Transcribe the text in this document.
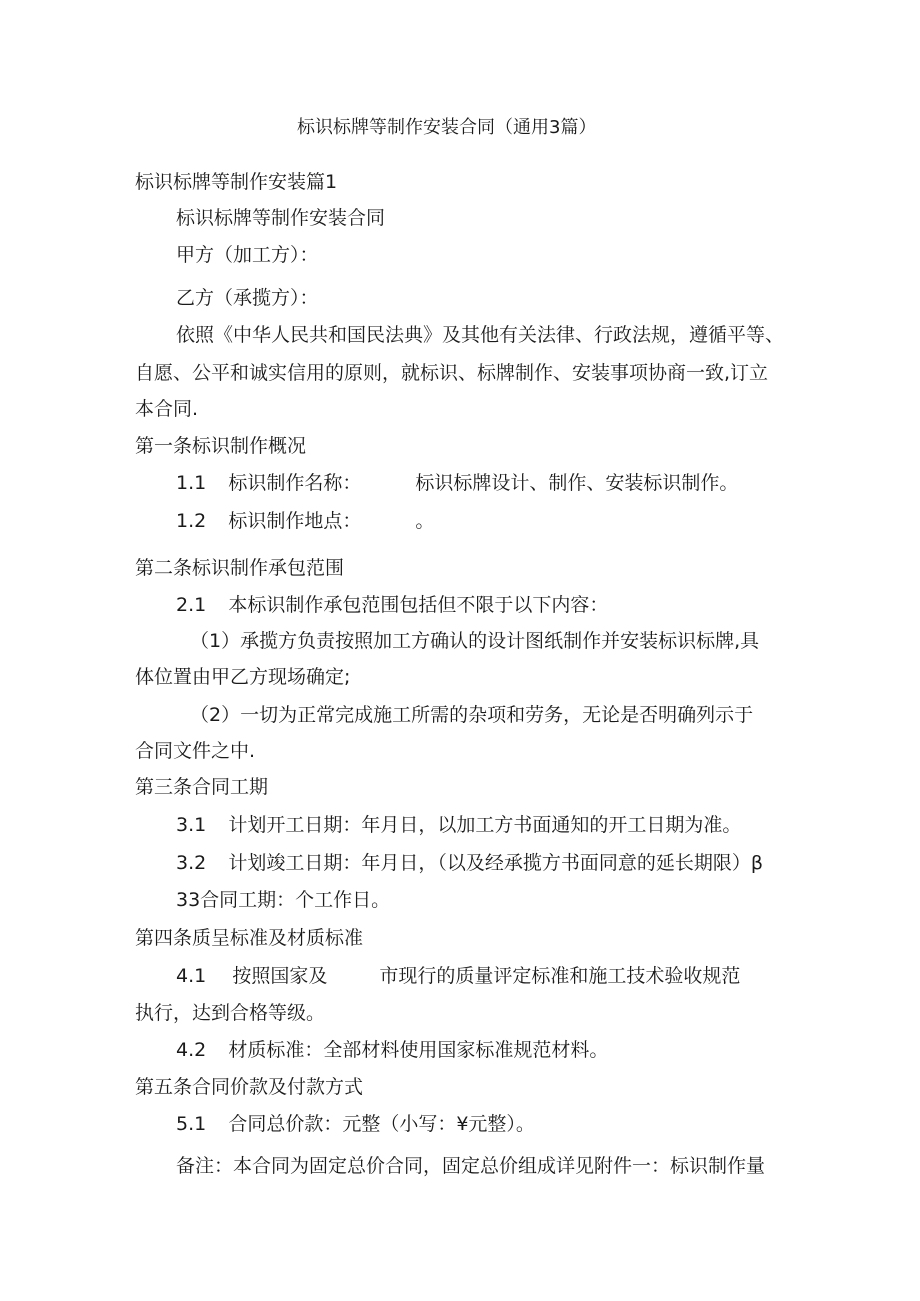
标识标牌等制作安装合同（通用3篇）
标识标牌等制作安装篇1
标识标牌等制作安装合同
甲方（加工方）：
乙方（承揽方）：
依照《中华人民共和国民法典》及其他有关法律、行政法规，遵循平等、
自愿、公平和诚实信用的原则，就标识、标牌制作、安装事项协商一致,订立
本合同.
第一条标识制作概况
1.1 标识制作名称：	标识标牌设计、制作、安装标识制作。
1.2 标识制作地点：	。
第二条标识制作承包范围
2.1 本标识制作承包范围包括但不限于以下内容：
（1）承揽方负责按照加工方确认的设计图纸制作并安装标识标牌,具
体位置由甲乙方现场确定;
（2）一切为正常完成施工所需的杂项和劳务，无论是否明确列示于
合同文件之中.
第三条合同工期
3.1 计划开工日期：年月日，以加工方书面通知的开工日期为准。
3.2 计划竣工日期：年月日，（以及经承揽方书面同意的延长期限）β
33合同工期：个工作日。
第四条质呈标准及材质标准
4.1 按照国家及	市现行的质量评定标准和施工技术验收规范
执行，达到合格等级。
4.2 材质标准：全部材料使用国家标准规范材料。
第五条合同价款及付款方式
5.1 合同总价款：元整（小写：¥元整）。
备注：本合同为固定总价合同，固定总价组成详见附件一：标识制作量
